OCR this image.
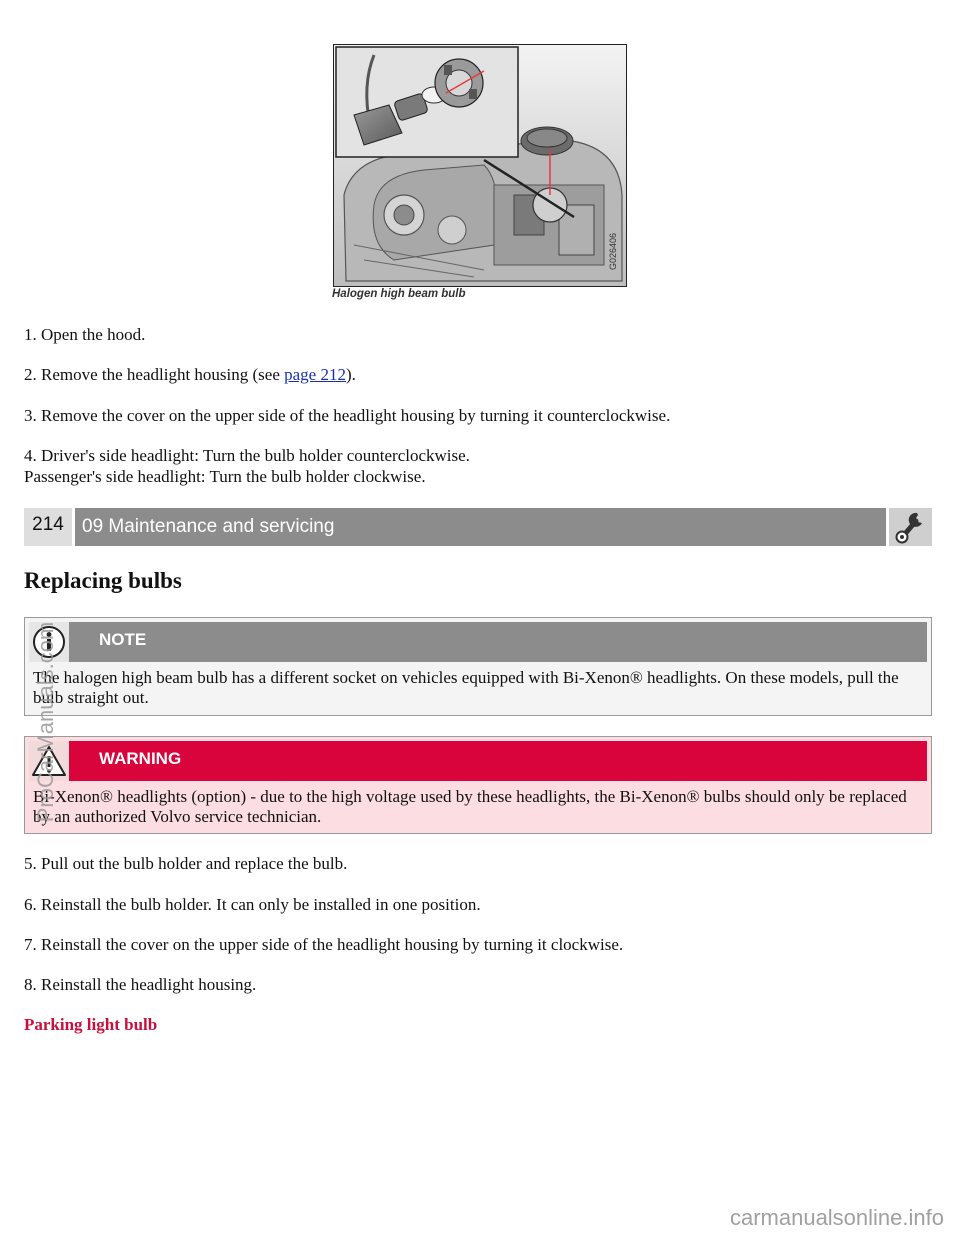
G026406
Halogen high beam bulb
1. Open the hood.
2. Remove the headlight housing (see page 212).
3. Remove the cover on the upper side of the headlight housing by turning it counterclockwise.
4. Driver's side headlight: Turn the bulb holder counterclockwise.
Passenger's side headlight: Turn the bulb holder clockwise.
214 09 Maintenance and servicing
Replacing bulbs
NOTE
The halogen high beam bulb has a different socket on vehicles equipped with Bi-Xenon® headlights. On these models, pull the bulb straight out.
WARNING
Bi-Xenon® headlights (option) - due to the high voltage used by these headlights, the Bi-Xenon® bulbs should only be replaced by an authorized Volvo service technician.
5. Pull out the bulb holder and replace the bulb.
6. Reinstall the bulb holder. It can only be installed in one position.
7. Reinstall the cover on the upper side of the headlight housing by turning it clockwise.
8. Reinstall the headlight housing.
Parking light bulb
ProCarManuals.com
carmanualsonline.info
